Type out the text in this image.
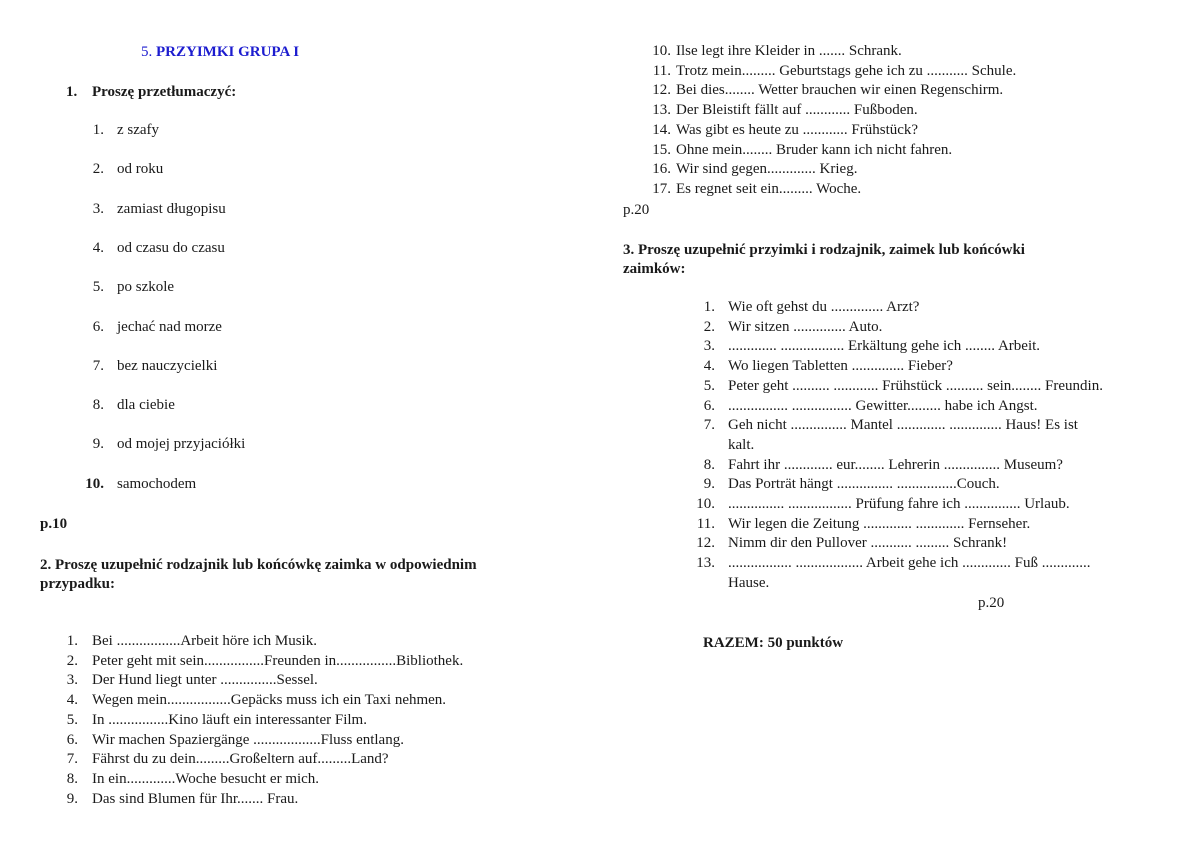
5. PRZYIMKI GRUPA I
1. Proszę przetłumaczyć:
1. z szafy
2. od roku
3. zamiast długopisu
4. od czasu do czasu
5. po szkole
6. jechać nad morze
7. bez nauczycielki
8. dla ciebie
9. od mojej przyjaciółki
10. samochodem
p.10
2. Proszę uzupełnić rodzajnik lub końcówkę zaimka w odpowiednim
przypadku:
1. Bei .................Arbeit höre ich Musik.
2. Peter geht mit sein................Freunden in................Bibliothek.
3. Der Hund liegt unter ...............Sessel.
4. Wegen mein.................Gepäcks muss ich ein Taxi nehmen.
5. In ................Kino läuft ein interessanter Film.
6. Wir machen Spaziergänge ..................Fluss entlang.
7. Fährst du zu dein.........Großeltern auf.........Land?
8. In ein.............Woche besucht er mich.
9. Das sind Blumen für Ihr....... Frau.
10. Ilse legt ihre Kleider in ....... Schrank.
11. Trotz mein......... Geburtstags gehe ich zu ........... Schule.
12. Bei dies........ Wetter brauchen wir einen Regenschirm.
13. Der Bleistift fällt auf ............ Fußboden.
14. Was gibt es heute zu ............ Frühstück?
15. Ohne mein........ Bruder kann ich nicht fahren.
16. Wir sind gegen............. Krieg.
17. Es regnet seit ein......... Woche.
p.20
3. Proszę uzupełnić przyimki i rodzajnik, zaimek lub końcówki
zaimków:
1. Wie oft gehst du .............. Arzt?
2. Wir sitzen .............. Auto.
3. ............. ................. Erkältung gehe ich ........ Arbeit.
4. Wo liegen Tabletten .............. Fieber?
5. Peter geht .......... ............ Frühstück .......... sein........ Freundin.
6. ................ ................ Gewitter......... habe ich Angst.
7. Geh nicht ............... Mantel ............. .............. Haus! Es ist
kalt.
8. Fahrt ihr ............. eur........ Lehrerin ............... Museum?
9. Das Porträt hängt ............... ................Couch.
10. ............... ................. Prüfung fahre ich ............... Urlaub.
11. Wir legen die Zeitung ............. ............. Fernseher.
12. Nimm dir den Pullover ........... ......... Schrank!
13. ................. .................. Arbeit gehe ich ............. Fuß .............
Hause.
p.20
RAZEM: 50 punktów
